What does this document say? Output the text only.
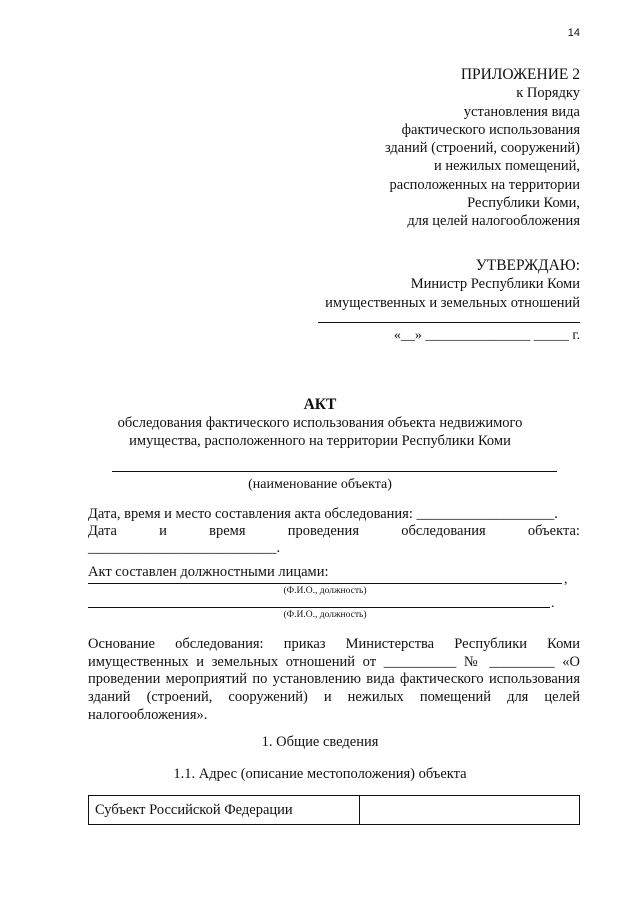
14
ПРИЛОЖЕНИЕ 2
к Порядку
установления вида
фактического использования
зданий (строений, сооружений)
и нежилых помещений,
расположенных на территории
Республики Коми,
для целей налогообложения
УТВЕРЖДАЮ:
Министр Республики Коми
имущественных и земельных отношений
«__» _______________ _____ г.
АКТ
обследования фактического использования объекта недвижимого
имущества, расположенного на территории Республики Коми
(наименование объекта)
Дата, время и место составления акта обследования: ___________________.
Дата	и	время	проведения	обследования	объекта:
__________________________.
Акт составлен должностными лицами:	,
(Ф.И.О., должность)
.
(Ф.И.О., должность)

Основание обследования: приказ Министерства Республики Коми имущественных и земельных отношений от __________ № _________ «О проведении мероприятий по установлению вида фактического использования зданий (строений, сооружений) и нежилых помещений для целей налогообложения».

1. Общие сведения
1.1. Адрес (описание местоположения) объекта
Субъект Российской Федерации	
